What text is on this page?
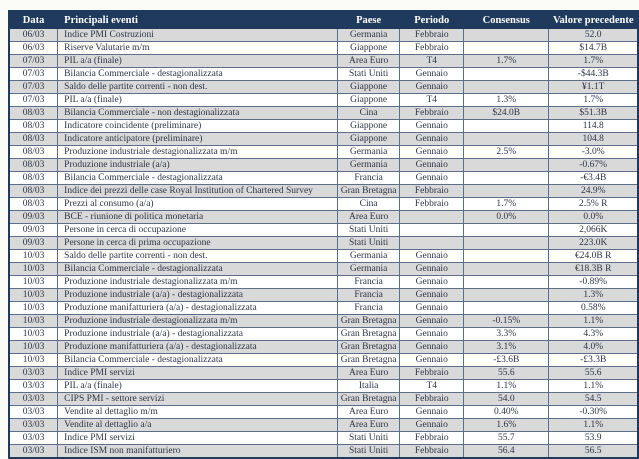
Data	Principali eventi	Paese	Periodo	Consensus	Valore precedente
06/03	Indice PMI Costruzioni	Germania	Febbraio		52.0
06/03	Riserve Valutarie m/m	Giappone	Febbraio		$14.7B
07/03	PIL a/a (finale)	Area Euro	T4	1.7%	1.7%
07/03	Bilancia Commerciale - destagionalizzata	Stati Uniti	Gennaio		-$44.3B
07/03	Saldo delle partite correnti - non dest.	Giappone	Gennaio		¥1.1T
07/03	PIL a/a (finale)	Giappone	T4	1.3%	1.7%
08/03	Bilancia Commerciale - non destagionalizzata	Cina	Febbraio	$24.0B	$51.3B
08/03	Indicatore coincidente (preliminare)	Giappone	Gennaio		114.8
08/03	Indicatore anticipatore (preliminare)	Giappone	Gennaio		104.8
08/03	Produzione industriale destagionalizzata m/m	Germania	Gennaio	2.5%	-3.0%
08/03	Produzione industriale (a/a)	Germania	Gennaio		-0.67%
08/03	Bilancia Commerciale - destagionalizzata	Francia	Gennaio		-€3.4B
08/03	Indice dei prezzi delle case Royal Institution of Chartered Survey	Gran Bretagna	Febbraio		24.9%
08/03	Prezzi al consumo (a/a)	Cina	Febbraio	1.7%	2.5% R
09/03	BCE - riunione di politica monetaria	Area Euro		0.0%	0.0%
09/03	Persone in cerca di occupazione	Stati Uniti			2,066K
09/03	Persone in cerca di prima occupazione	Stati Uniti			223.0K
10/03	Saldo delle partite correnti - non dest.	Germania	Gennaio		€24.0B R
10/03	Bilancia Commerciale - destagionalizzata	Germania	Gennaio		€18.3B R
10/03	Produzione industriale destagionalizzata m/m	Francia	Gennaio		-0.89%
10/03	Produzione industriale (a/a) - destagionalizzata	Francia	Gennaio		1.3%
10/03	Produzione manifatturiera (a/a) - destagionalizzata	Francia	Gennaio		0.58%
10/03	Produzione industriale destagionalizzata m/m	Gran Bretagna	Gennaio	-0.15%	1.1%
10/03	Produzione industriale (a/a) - destagionalizzata	Gran Bretagna	Gennaio	3.3%	4.3%
10/03	Produzione manifatturiera (a/a) - destagionalizzata	Gran Bretagna	Gennaio	3.1%	4.0%
10/03	Bilancia Commerciale - destagionalizzata	Gran Bretagna	Gennaio	-£3.6B	-£3.3B
03/03	Indice PMI servizi	Area Euro	Febbraio	55.6	55.6
03/03	PIL a/a (finale)	Italia	T4	1.1%	1.1%
03/03	CIPS PMI - settore servizi	Gran Bretagna	Febbraio	54.0	54.5
03/03	Vendite al dettaglio m/m	Area Euro	Gennaio	0.40%	-0.30%
03/03	Vendite al dettaglio a/a	Area Euro	Gennaio	1.6%	1.1%
03/03	Indice PMI servizi	Stati Uniti	Febbraio	55.7	53.9
03/03	Indice ISM non manifatturiero	Stati Uniti	Febbraio	56.4	56.5
